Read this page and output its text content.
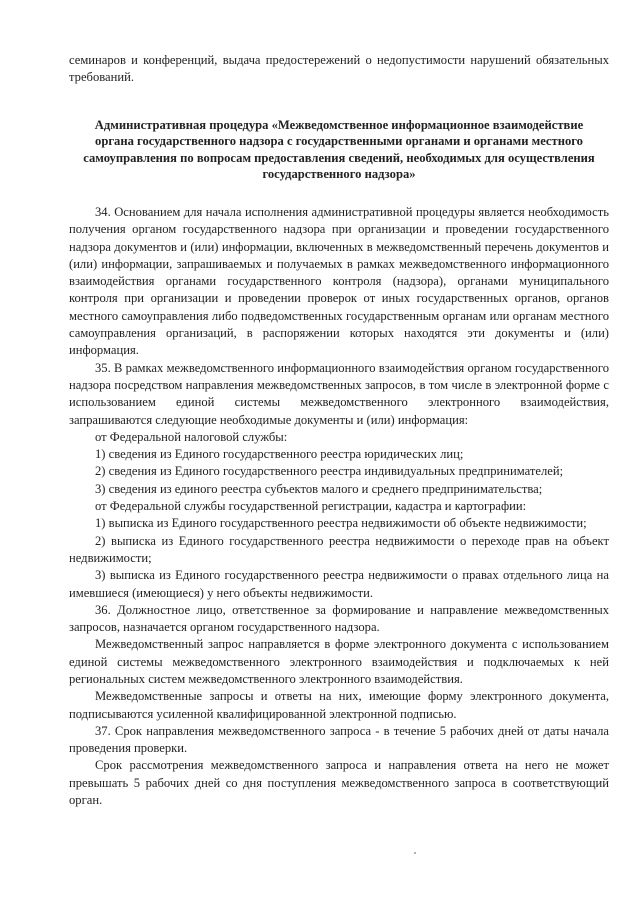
семинаров и конференций, выдача предостережений о недопустимости нарушений обязательных требований.

Административная процедура «Межведомственное информационное взаимодействие органа государственного надзора с государственными органами и органами местного самоуправления по вопросам предоставления сведений, необходимых для осуществления государственного надзора»

34. Основанием для начала исполнения административной процедуры является необходимость получения органом государственного надзора при организации и проведении государственного надзора документов и (или) информации, включенных в межведомственный перечень документов и (или) информации, запрашиваемых и получаемых в рамках межведомственного информационного взаимодействия органами государственного контроля (надзора), органами муниципального контроля при организации и проведении проверок от иных государственных органов, органов местного самоуправления либо подведомственных государственным органам или органам местного самоуправления организаций, в распоряжении которых находятся эти документы и (или) информация.

35. В рамках межведомственного информационного взаимодействия органом государственного надзора посредством направления межведомственных запросов, в том числе в электронной форме с использованием единой системы межведомственного электронного взаимодействия, запрашиваются следующие необходимые документы и (или) информация:

от Федеральной налоговой службы:

1) сведения из Единого государственного реестра юридических лиц;

2) сведения из Единого государственного реестра индивидуальных предпринимателей;

3) сведения из единого реестра субъектов малого и среднего предпринимательства;

от Федеральной службы государственной регистрации, кадастра и картографии:

1) выписка из Единого государственного реестра недвижимости об объекте недвижимости;

2) выписка из Единого государственного реестра недвижимости о переходе прав на объект недвижимости;

3) выписка из Единого государственного реестра недвижимости о правах отдельного лица на имевшиеся (имеющиеся) у него объекты недвижимости.

36. Должностное лицо, ответственное за формирование и направление межведомственных запросов, назначается органом государственного надзора.

Межведомственный запрос направляется в форме электронного документа с использованием единой системы межведомственного электронного взаимодействия и подключаемых к ней региональных систем межведомственного электронного взаимодействия.

Межведомственные запросы и ответы на них, имеющие форму электронного документа, подписываются усиленной квалифицированной электронной подписью.

37. Срок направления межведомственного запроса - в течение 5 рабочих дней от даты начала проведения проверки.

Срок рассмотрения межведомственного запроса и направления ответа на него не может превышать 5 рабочих дней со дня поступления межведомственного запроса в соответствующий орган.
